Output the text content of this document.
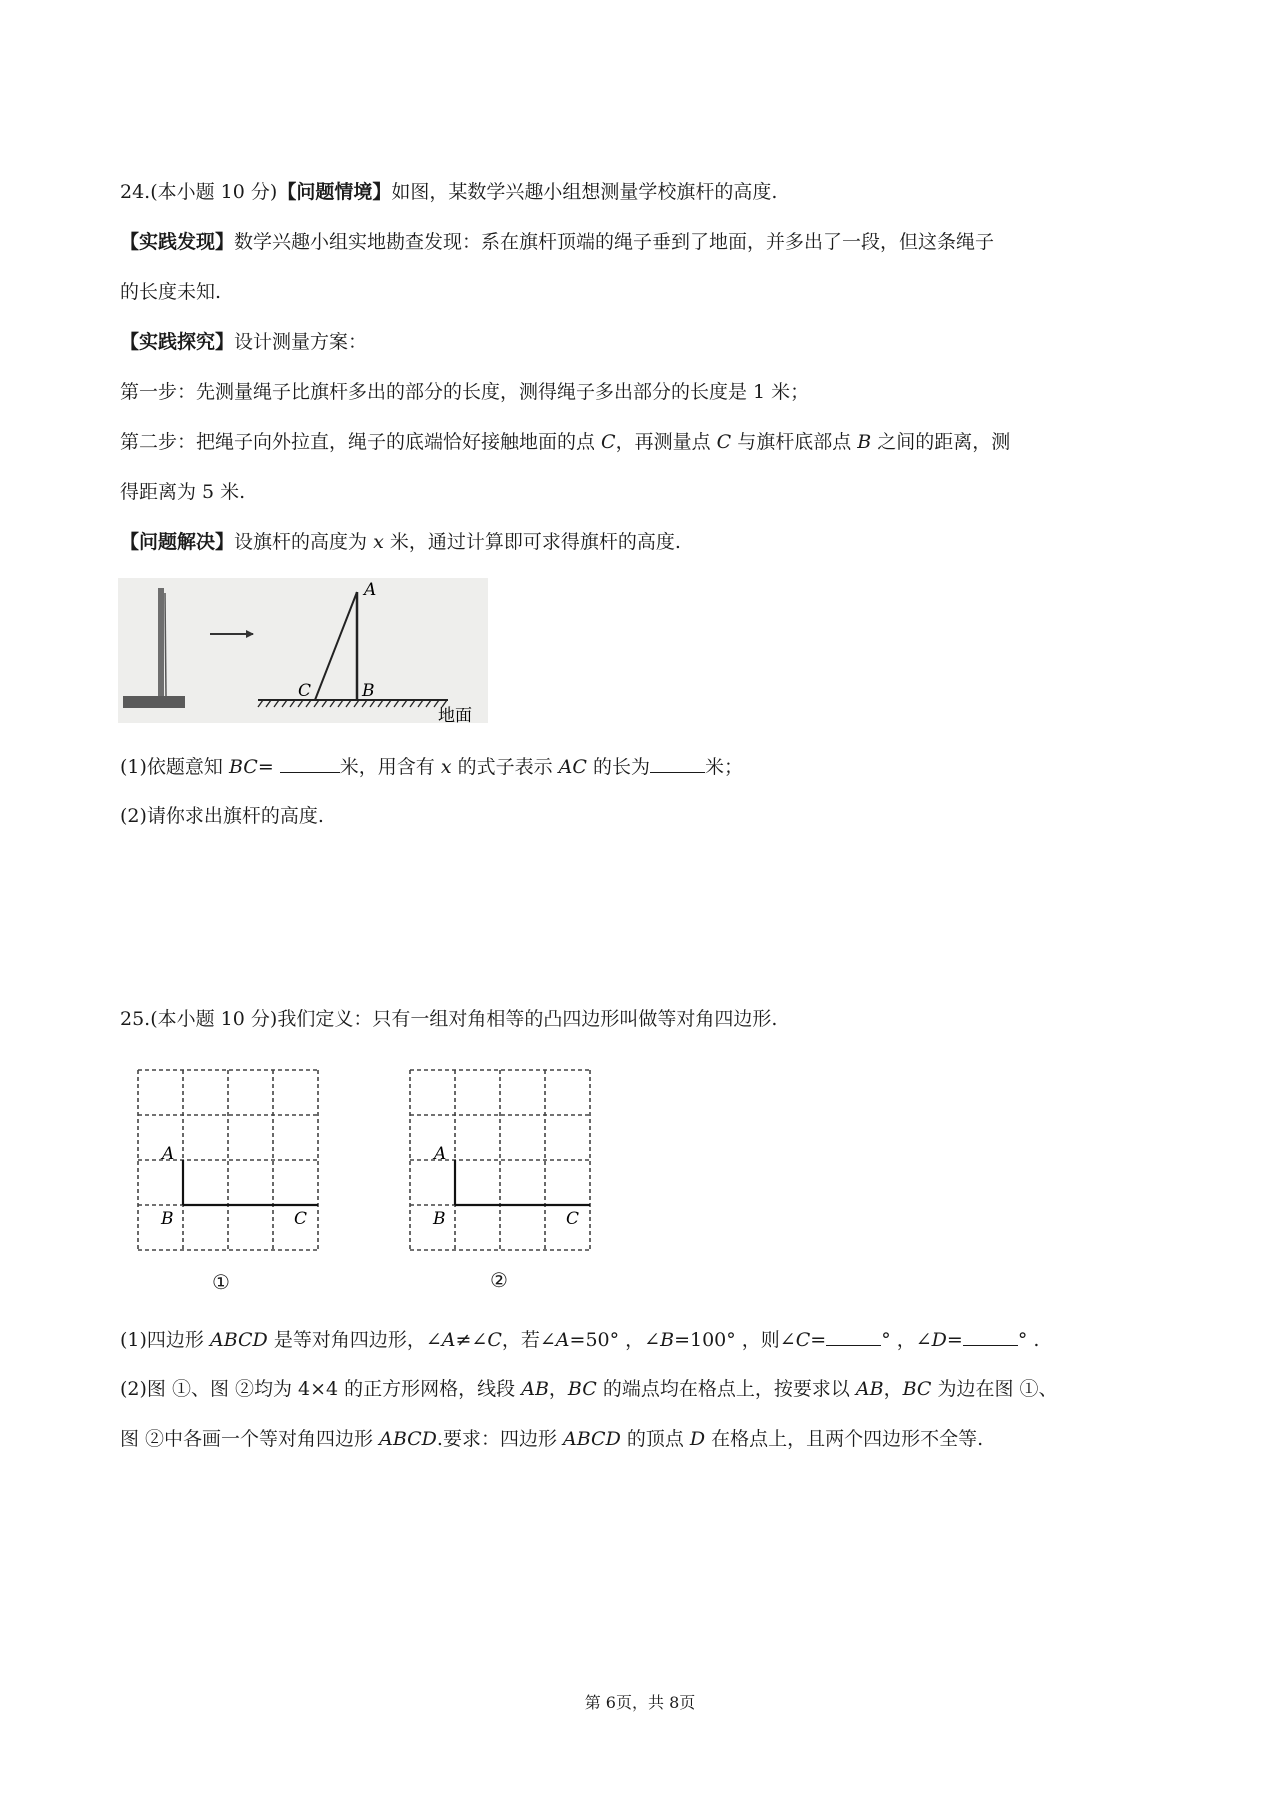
24.(本小题 10 分)【问题情境】如图，某数学兴趣小组想测量学校旗杆的高度.
【实践发现】数学兴趣小组实地勘查发现：系在旗杆顶端的绳子垂到了地面，并多出了一段，但这条绳子
的长度未知.
【实践探究】设计测量方案：
第一步：先测量绳子比旗杆多出的部分的长度，测得绳子多出部分的长度是 1 米；
第二步：把绳子向外拉直，绳子的底端恰好接触地面的点 C，再测量点 C 与旗杆底部点 B 之间的距离，测
得距离为 5 米.
【问题解决】设旗杆的高度为 x 米，通过计算即可求得旗杆的高度.
A
B
C
地面
(1)依题意知 BC=	米，用含有 x 的式子表示 AC 的长为	米；
(2)请你求出旗杆的高度.
25.(本小题 10 分)我们定义：只有一组对角相等的凸四边形叫做等对角四边形.
A
B	C
①
A
B	C
②
(1)四边形 ABCD 是等对角四边形，∠A≠∠C，若∠A=50° ，∠B=100° ，则∠C=	° ，∠D=	° .
(2)图 ①、图 ②均为 4×4 的正方形网格，线段 AB，BC 的端点均在格点上，按要求以 AB，BC 为边在图 ①、
图 ②中各画一个等对角四边形 ABCD.要求：四边形 ABCD 的顶点 D 在格点上，且两个四边形不全等.
第 6页，共 8页
